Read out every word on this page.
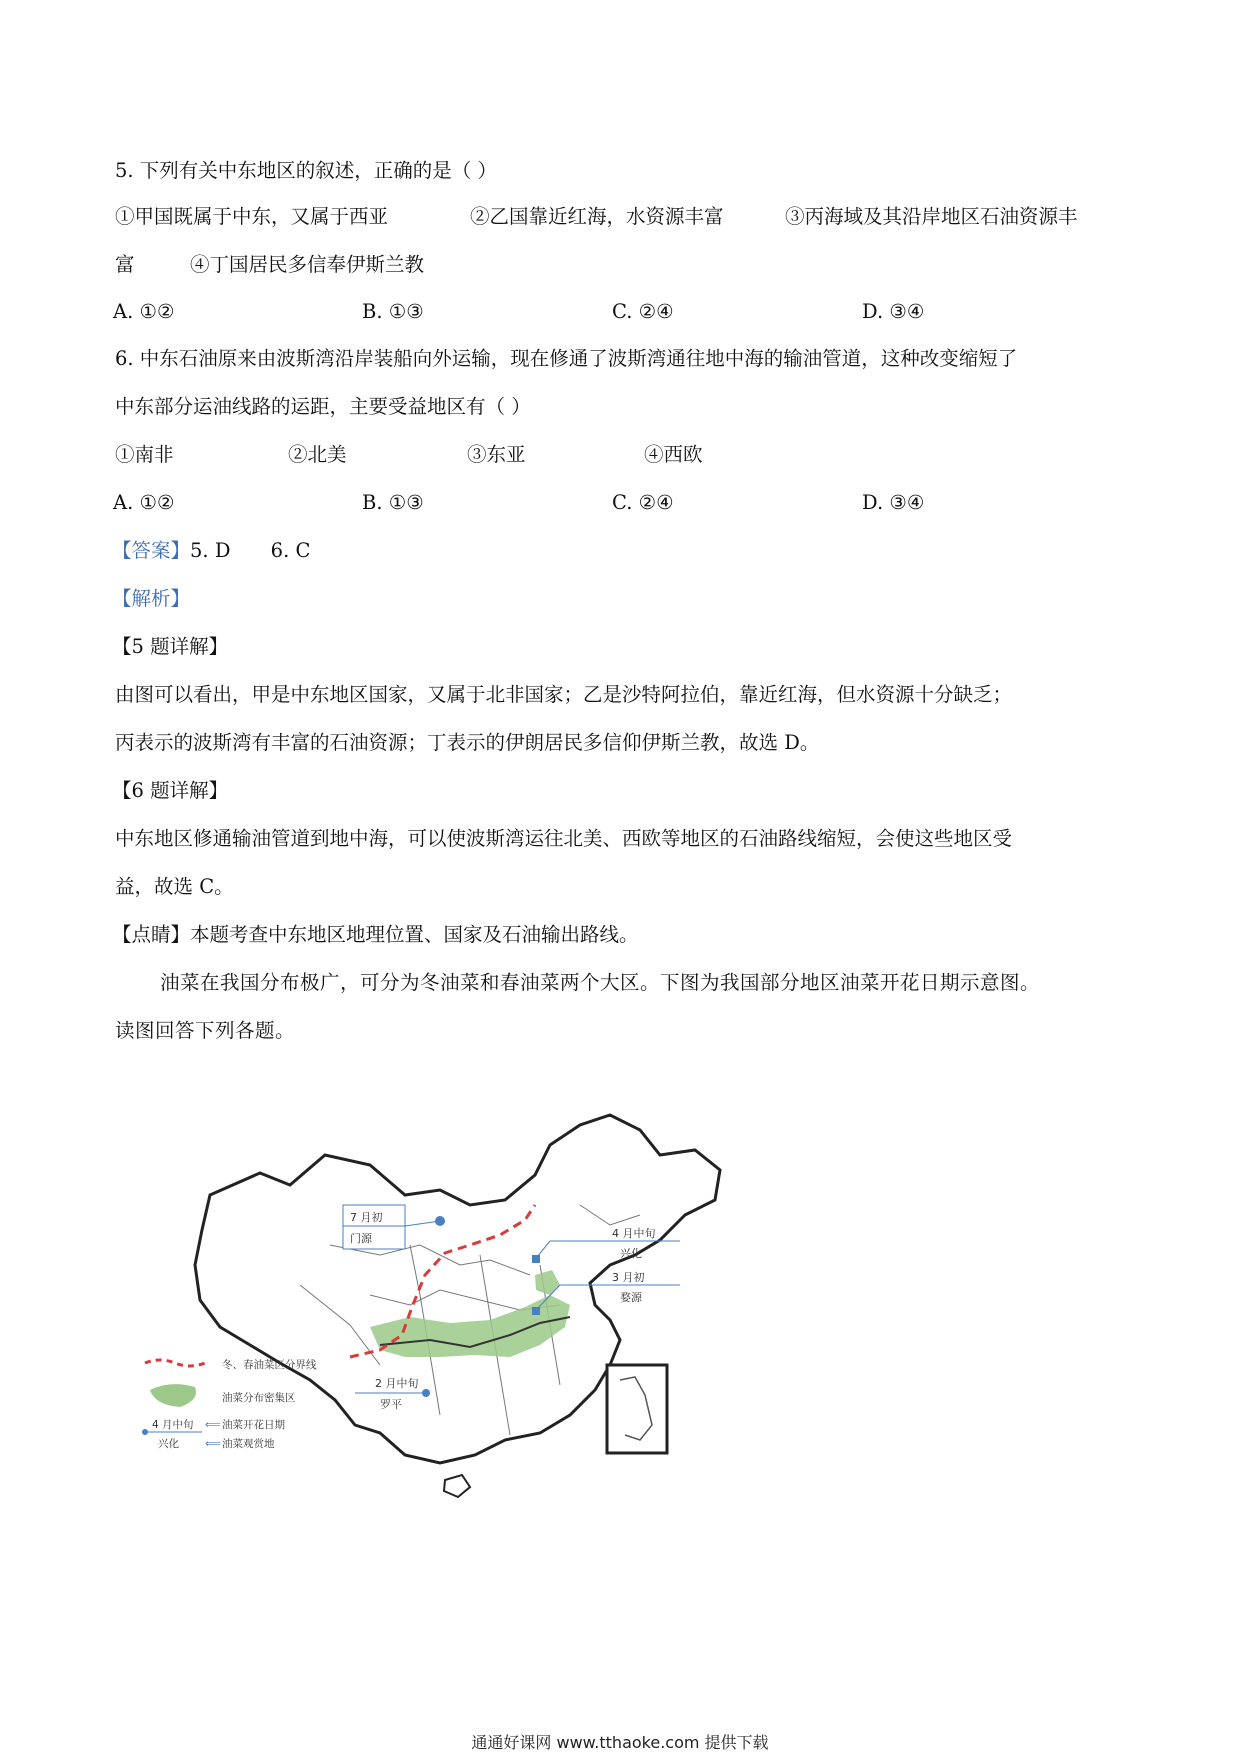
5. 下列有关中东地区的叙述，正确的是（ ）
①甲国既属于中东，又属于西亚	②乙国靠近红海，水资源丰富	③丙海域及其沿岸地区石油资源丰
富	④丁国居民多信奉伊斯兰教
A. ①②	B. ①③	C. ②④	D. ③④
6. 中东石油原来由波斯湾沿岸装船向外运输，现在修通了波斯湾通往地中海的输油管道，这种改变缩短了
中东部分运油线路的运距，主要受益地区有（ ）
①南非	②北美	③东亚	④西欧
A. ①②	B. ①③	C. ②④	D. ③④
【答案】5. D 6. C
【解析】
【5 题详解】
由图可以看出，甲是中东地区国家，又属于北非国家；乙是沙特阿拉伯，靠近红海，但水资源十分缺乏；
丙表示的波斯湾有丰富的石油资源；丁表示的伊朗居民多信仰伊斯兰教，故选 D。
【6 题详解】
中东地区修通输油管道到地中海，可以使波斯湾运往北美、西欧等地区的石油路线缩短，会使这些地区受
益，故选 C。
【点睛】本题考查中东地区地理位置、国家及石油输出路线。
油菜在我国分布极广，可分为冬油菜和春油菜两个大区。下图为我国部分地区油菜开花日期示意图。
读图回答下列各题。
7 月初
门源	4 月中旬
兴化
3 月初
婺源
2 月中旬
罗平
冬、春油菜区分界线
油菜分布密集区
4 月中旬
兴化
⟸ 油菜开花日期
⟸ 油菜观赏地
通通好课网 www.tthaoke.com 提供下载
